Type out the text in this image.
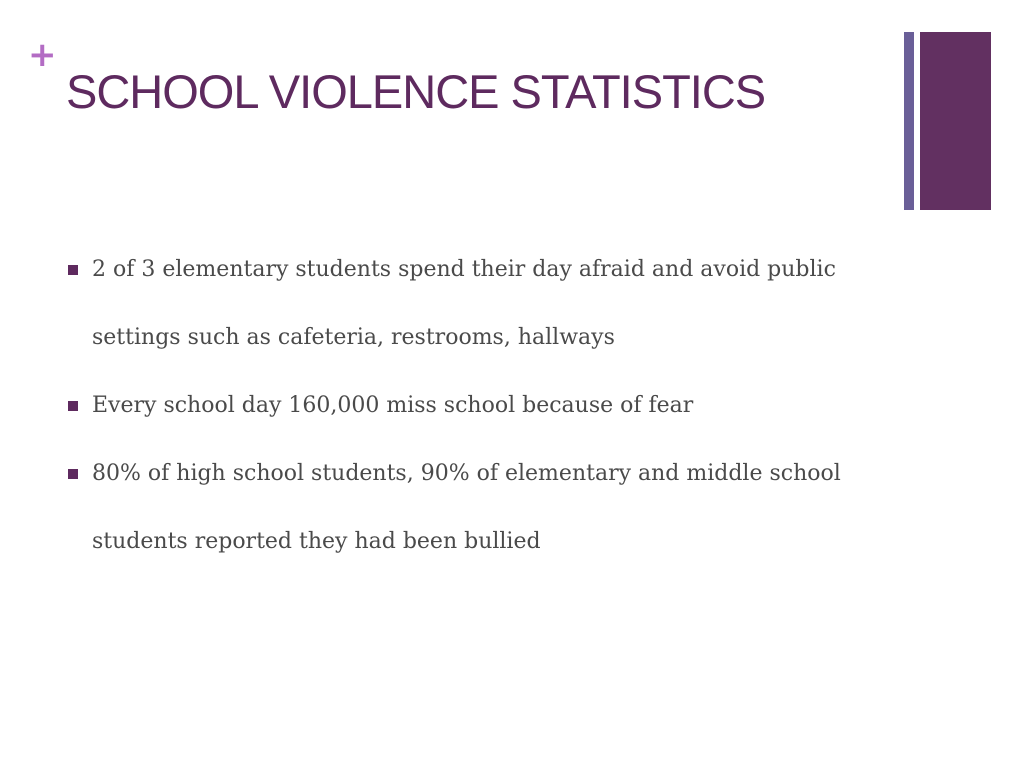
+
SCHOOL VIOLENCE STATISTICS
2 of 3 elementary students spend their day afraid and avoid public settings such as cafeteria, restrooms, hallways
Every school day 160,000 miss school because of fear
80% of high school students, 90% of elementary and middle school students reported they had been bullied
